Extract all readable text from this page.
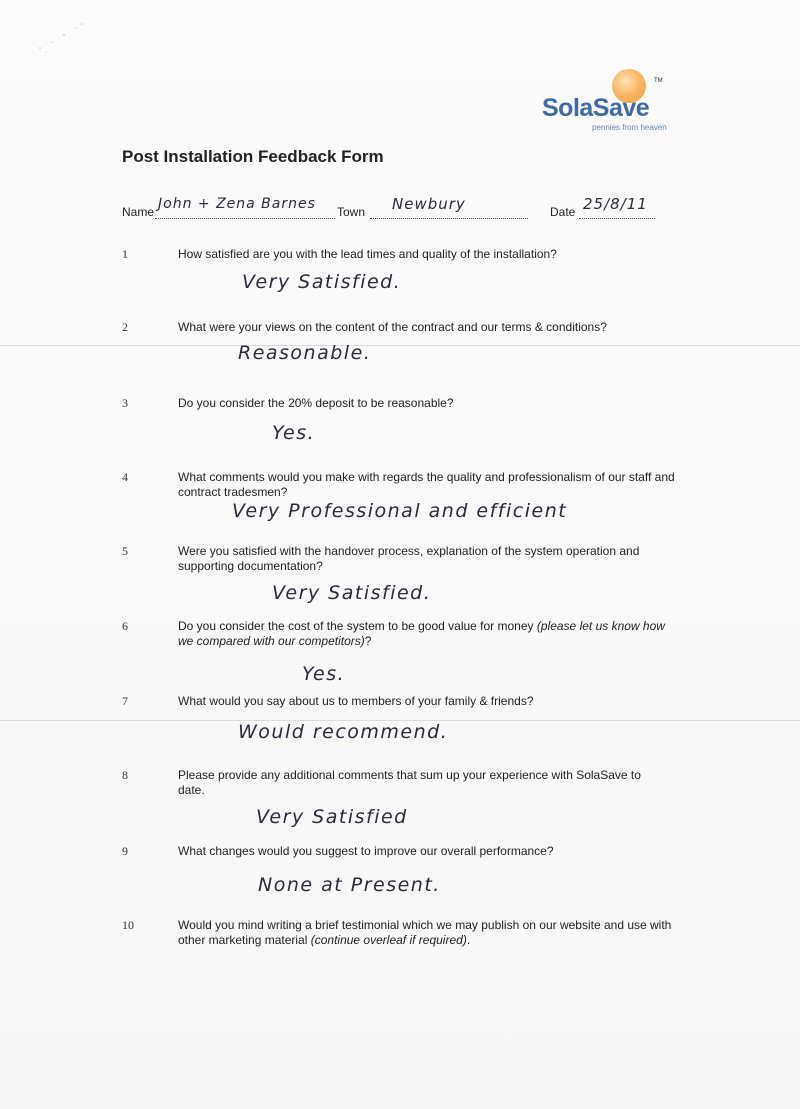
TM
SolaSave
pennies from heaven
Post Installation Feedback Form
Name John + Zena Barnes Town Newbury	Date 25/8/11
1	How satisfied are you with the lead times and quality of the installation?
Very Satisfied.
2	What were your views on the content of the contract and our terms & conditions?
Reasonable.
3	Do you consider the 20% deposit to be reasonable?
Yes.
4	What comments would you make with regards the quality and professionalism of our staff and contract tradesmen?
Very Professional and efficient
5	Were you satisfied with the handover process, explanation of the system operation and supporting documentation?
Very Satisfied.
6	Do you consider the cost of the system to be good value for money (please let us know how we compared with our competitors)?
Yes.
7	What would you say about us to members of your family & friends?
Would recommend.
8	Please provide any additional comments that sum up your experience with SolaSave to date.
Very Satisfied
9	What changes would you suggest to improve our overall performance?
None at Present.
10	Would you mind writing a brief testimonial which we may publish on our website and use with other marketing material (continue overleaf if required).
